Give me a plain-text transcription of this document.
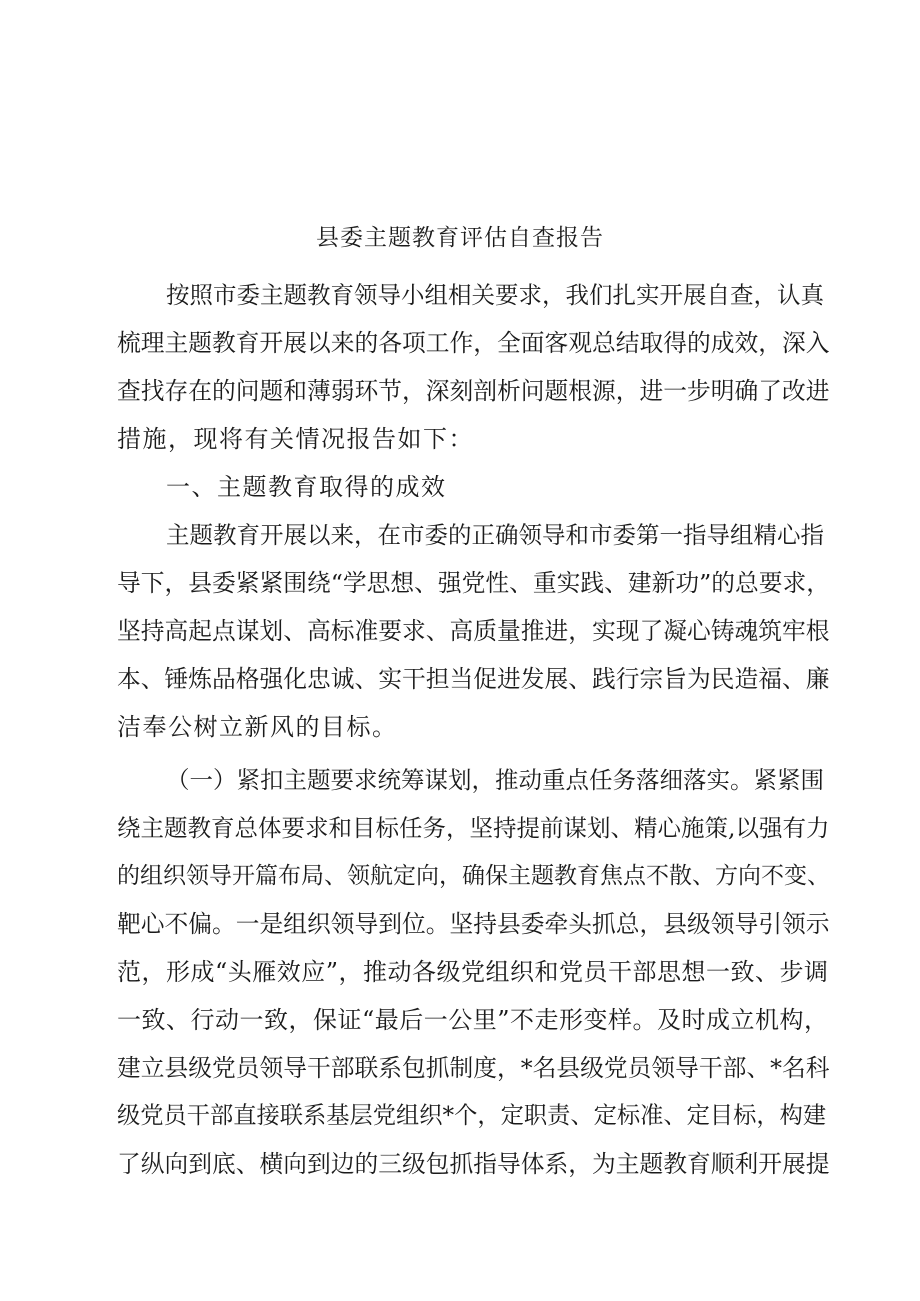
县委主题教育评估自查报告
按照市委主题教育领导小组相关要求，我们扎实开展自查，认真
梳理主题教育开展以来的各项工作，全面客观总结取得的成效，深入
查找存在的问题和薄弱环节，深刻剖析问题根源，进一步明确了改进
措施，现将有关情况报告如下：
一、主题教育取得的成效
主题教育开展以来，在市委的正确领导和市委第一指导组精心指
导下，县委紧紧围绕“学思想、强党性、重实践、建新功”的总要求，
坚持高起点谋划、高标准要求、高质量推进，实现了凝心铸魂筑牢根
本、锤炼品格强化忠诚、实干担当促进发展、践行宗旨为民造福、廉
洁奉公树立新风的目标。
（一）紧扣主题要求统筹谋划，推动重点任务落细落实。紧紧围
绕主题教育总体要求和目标任务，坚持提前谋划、精心施策,以强有力
的组织领导开篇布局、领航定向，确保主题教育焦点不散、方向不变、
靶心不偏。一是组织领导到位。坚持县委牵头抓总，县级领导引领示
范，形成“头雁效应”，推动各级党组织和党员干部思想一致、步调
一致、行动一致，保证“最后一公里”不走形变样。及时成立机构，
建立县级党员领导干部联系包抓制度，*名县级党员领导干部、*名科
级党员干部直接联系基层党组织*个，定职责、定标准、定目标，构建
了纵向到底、横向到边的三级包抓指导体系，为主题教育顺利开展提
